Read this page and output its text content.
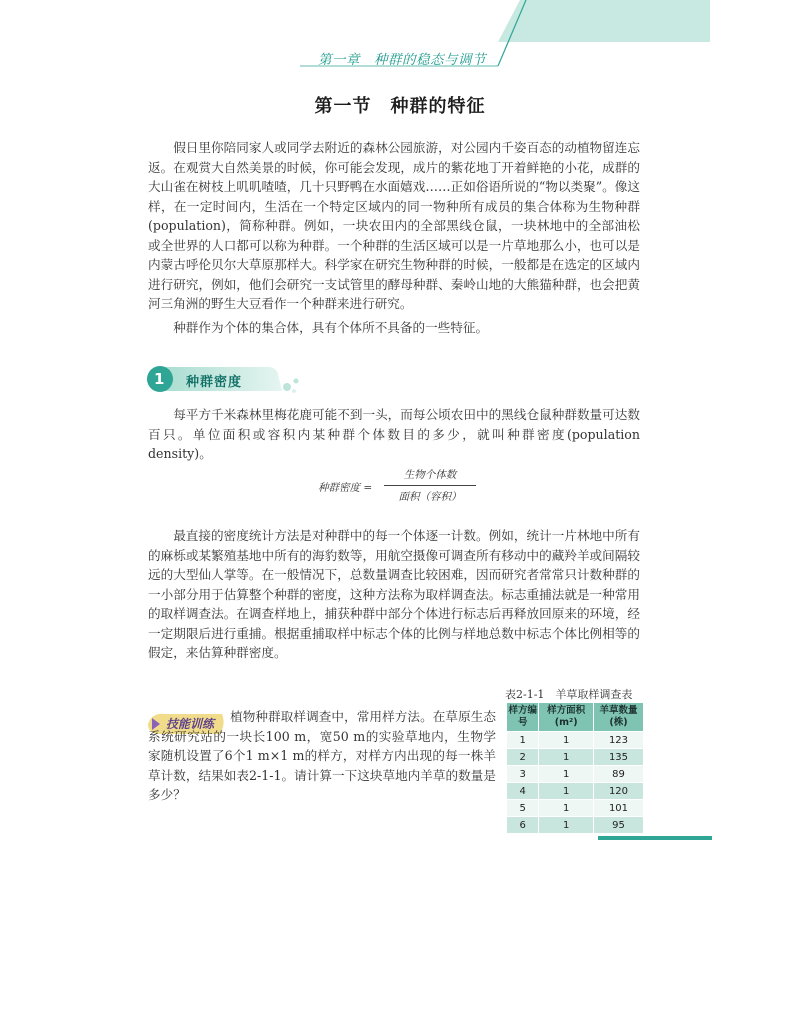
第一章　种群的稳态与调节
第一节　种群的特征

假日里你陪同家人或同学去附近的森林公园旅游，对公园内千姿百态的动植物留连忘返。在观赏大自然美景的时候，你可能会发现，成片的紫花地丁开着鲜艳的小花，成群的大山雀在树枝上叽叽喳喳，几十只野鸭在水面嬉戏……正如俗语所说的“物以类聚”。像这样，在一定时间内，生活在一个特定区域内的同一物种所有成员的集合体称为生物种群(population)，简称种群。例如，一块农田内的全部黑线仓鼠，一块林地中的全部油松或全世界的人口都可以称为种群。一个种群的生活区域可以是一片草地那么小，也可以是内蒙古呼伦贝尔大草原那样大。科学家在研究生物种群的时候，一般都是在选定的区域内进行研究，例如，他们会研究一支试管里的酵母种群、秦岭山地的大熊猫种群，也会把黄河三角洲的野生大豆看作一个种群来进行研究。

种群作为个体的集合体，具有个体所不具备的一些特征。

1 种群密度

每平方千米森林里梅花鹿可能不到一头，而每公顷农田中的黑线仓鼠种群数量可达数百只。单位面积或容积内某种群个体数目的多少，就叫种群密度(population density)。

种群密度 =
生物个体数
面积（容积）

最直接的密度统计方法是对种群中的每一个体逐一计数。例如，统计一片林地中所有的麻栎或某繁殖基地中所有的海豹数等，用航空摄像可调查所有移动中的藏羚羊或间隔较远的大型仙人掌等。在一般情况下，总数量调查比较困难，因而研究者常常只计数种群的一小部分用于估算整个种群的密度，这种方法称为取样调查法。标志重捕法就是一种常用的取样调查法。在调查样地上，捕获种群中部分个体进行标志后再释放回原来的环境，经一定期限后进行重捕。根据重捕取样中标志个体的比例与样地总数中标志个体比例相等的假定，来估算种群密度。

技能训练	植物种群取样调查中，常用样方法。在草原生态系统研究站的一块长100 m，宽50 m的实验草地内，生物学家随机设置了6个1 m×1 m的样方，对样方内出现的每一株羊草计数，结果如表2-1-1。请计算一下这块草地内羊草的数量是多少？

表2-1-1　羊草取样调查表
样方编号	样方面积 (m²)	羊草数量 (株)
1	1	123
2	1	135
3	1	89
4	1	120
5	1	101
6	1	95
